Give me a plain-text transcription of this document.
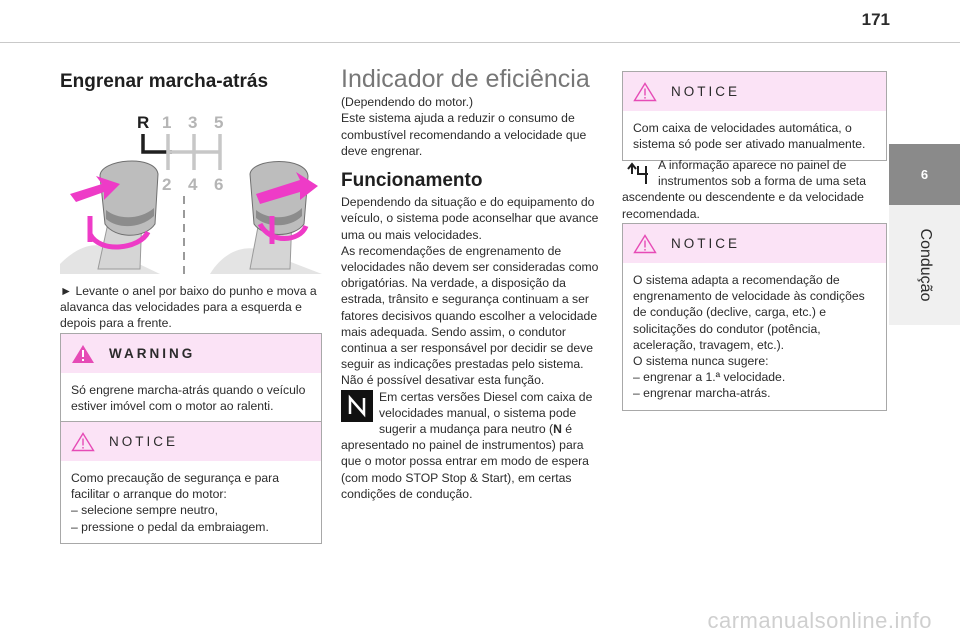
171
6
Condução
Engrenar marcha-atrás
R 1 3 5
2 4 6

► Levante o anel por baixo do punho e mova a alavanca das velocidades para a esquerda e depois para a frente.

WARNING

Só engrene marcha-atrás quando o veículo estiver imóvel com o motor ao ralenti.

NOTICE

Como precaução de segurança e para facilitar o arranque do motor:

– selecione sempre neutro,

– pressione o pedal da embraiagem.

Indicador de eficiência

(Dependendo do motor.)

Este sistema ajuda a reduzir o consumo de combustível recomendando a velocidade que deve engrenar.

Funcionamento

Dependendo da situação e do equipamento do veículo, o sistema pode aconselhar que avance uma ou mais velocidades.

As recomendações de engrenamento de velocidades não devem ser consideradas como obrigatórias. Na verdade, a disposição da estrada, trânsito e segurança continuam a ser fatores decisivos quando escolher a velocidade mais adequada. Sendo assim, o condutor continua a ser responsável por decidir se deve seguir as indicações prestadas pelo sistema.

Não é possível desativar esta função.

Em certas versões Diesel com caixa de velocidades manual, o sistema pode sugerir a mudança para neutro (N é apresentado no painel de instrumentos) para que o motor possa entrar em modo de espera (com modo STOP Stop & Start), em certas condições de condução.
NOTICE

Com caixa de velocidades automática, o sistema só pode ser ativado manualmente.

A informação aparece no painel de instrumentos sob a forma de uma seta ascendente ou descendente e da velocidade recomendada.

NOTICE

O sistema adapta a recomendação de engrenamento de velocidade às condições de condução (declive, carga, etc.) e solicitações do condutor (potência, aceleração, travagem, etc.).

O sistema nunca sugere:

– engrenar a 1.ª velocidade.

– engrenar marcha-atrás.

carmanualsonline.info
